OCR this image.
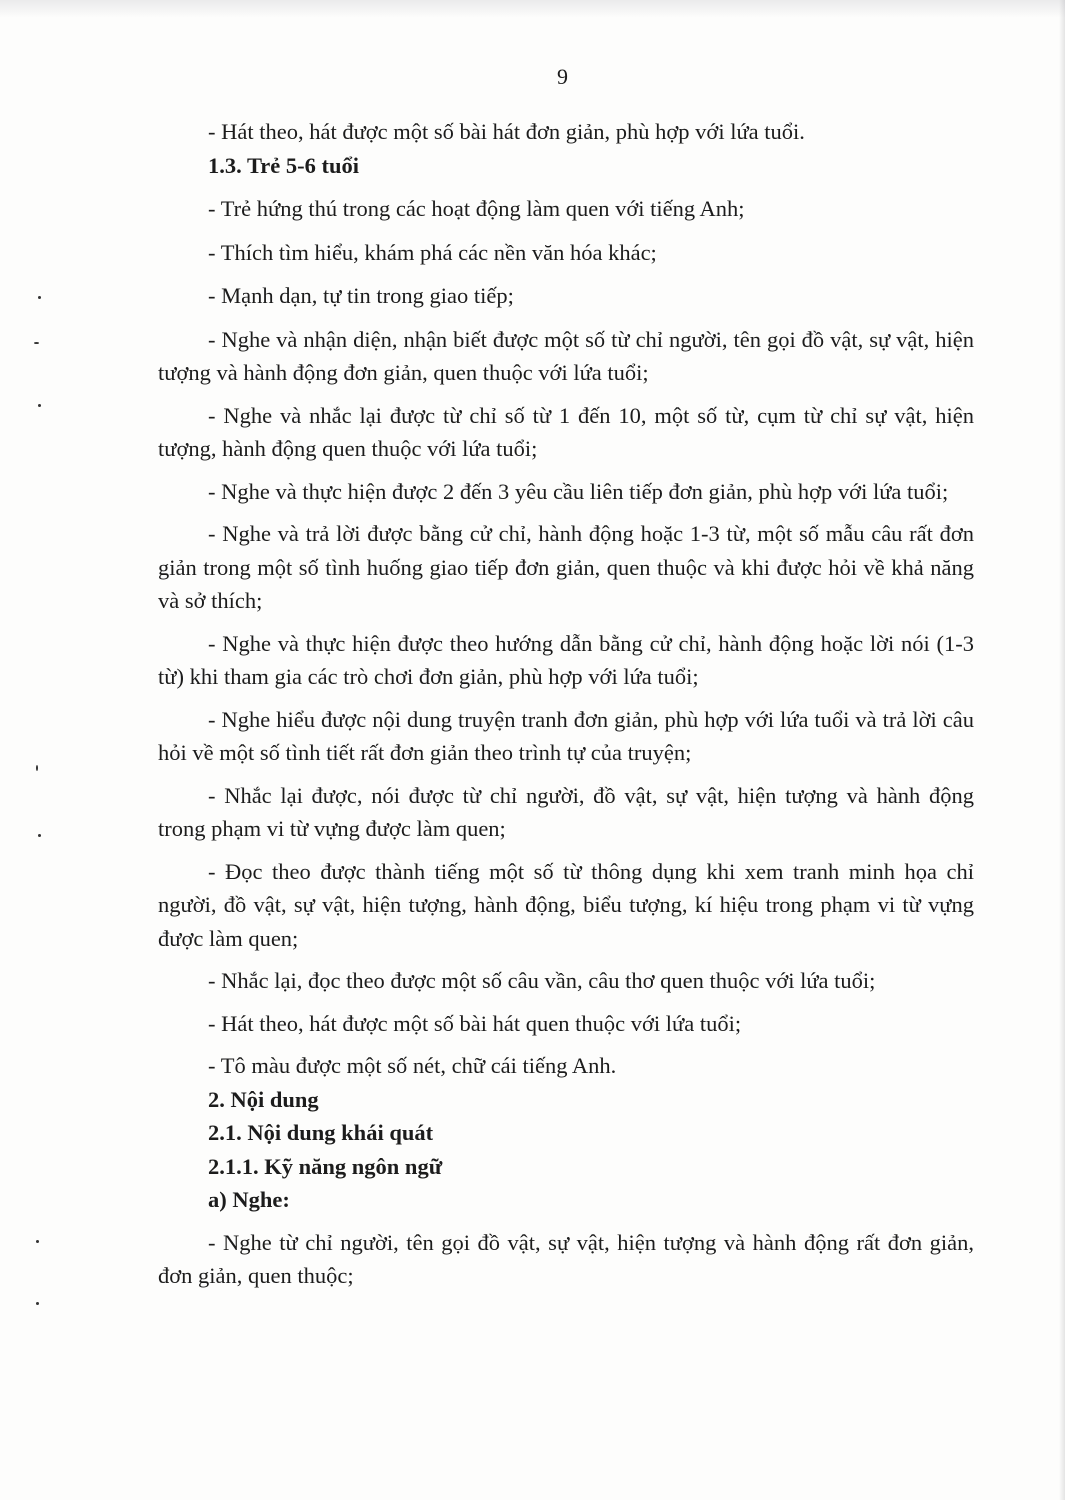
9

- Hát theo, hát được một số bài hát đơn giản, phù hợp với lứa tuổi.

1.3. Trẻ 5-6 tuổi

- Trẻ hứng thú trong các hoạt động làm quen với tiếng Anh;

- Thích tìm hiểu, khám phá các nền văn hóa khác;

- Mạnh dạn, tự tin trong giao tiếp;

- Nghe và nhận diện, nhận biết được một số từ chỉ người, tên gọi đồ vật, sự vật, hiện tượng và hành động đơn giản, quen thuộc với lứa tuổi;

- Nghe và nhắc lại được từ chỉ số từ 1 đến 10, một số từ, cụm từ chỉ sự vật, hiện tượng, hành động quen thuộc với lứa tuổi;

- Nghe và thực hiện được 2 đến 3 yêu cầu liên tiếp đơn giản, phù hợp với lứa tuổi;

- Nghe và trả lời được bằng cử chỉ, hành động hoặc 1-3 từ, một số mẫu câu rất đơn giản trong một số tình huống giao tiếp đơn giản, quen thuộc và khi được hỏi về khả năng và sở thích;

- Nghe và thực hiện được theo hướng dẫn bằng cử chỉ, hành động hoặc lời nói (1-3 từ) khi tham gia các trò chơi đơn giản, phù hợp với lứa tuổi;

- Nghe hiểu được nội dung truyện tranh đơn giản, phù hợp với lứa tuổi và trả lời câu hỏi về một số tình tiết rất đơn giản theo trình tự của truyện;

- Nhắc lại được, nói được từ chỉ người, đồ vật, sự vật, hiện tượng và hành động trong phạm vi từ vựng được làm quen;

- Đọc theo được thành tiếng một số từ thông dụng khi xem tranh minh họa chỉ người, đồ vật, sự vật, hiện tượng, hành động, biểu tượng, kí hiệu trong phạm vi từ vựng được làm quen;

- Nhắc lại, đọc theo được một số câu vần, câu thơ quen thuộc với lứa tuổi;

- Hát theo, hát được một số bài hát quen thuộc với lứa tuổi;

- Tô màu được một số nét, chữ cái tiếng Anh.

2. Nội dung

2.1. Nội dung khái quát

2.1.1. Kỹ năng ngôn ngữ

a) Nghe:

- Nghe từ chỉ người, tên gọi đồ vật, sự vật, hiện tượng và hành động rất đơn giản, đơn giản, quen thuộc;
